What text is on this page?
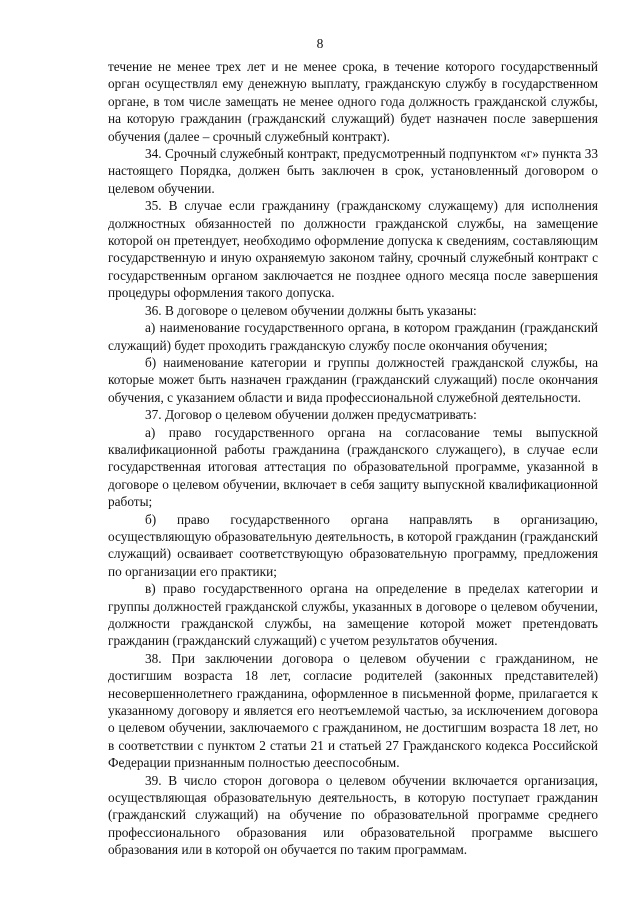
8

течение не менее трех лет и не менее срока, в течение которого государственный орган осуществлял ему денежную выплату, гражданскую службу в государственном органе, в том числе замещать не менее одного года должность гражданской службы, на которую гражданин (гражданский служащий) будет назначен после завершения обучения (далее – срочный служебный контракт).

34. Срочный служебный контракт, предусмотренный подпунктом «г» пункта 33 настоящего Порядка, должен быть заключен в срок, установленный договором о целевом обучении.

35. В случае если гражданину (гражданскому служащему) для исполнения должностных обязанностей по должности гражданской службы, на замещение которой он претендует, необходимо оформление допуска к сведениям, составляющим государственную и иную охраняемую законом тайну, срочный служебный контракт с государственным органом заключается не позднее одного месяца после завершения процедуры оформления такого допуска.

36. В договоре о целевом обучении должны быть указаны:

а) наименование государственного органа, в котором гражданин (гражданский служащий) будет проходить гражданскую службу после окончания обучения;

б) наименование категории и группы должностей гражданской службы, на которые может быть назначен гражданин (гражданский служащий) после окончания обучения, с указанием области и вида профессиональной служебной деятельности.

37. Договор о целевом обучении должен предусматривать:

а) право государственного органа на согласование темы выпускной квалификационной работы гражданина (гражданского служащего), в случае если государственная итоговая аттестация по образовательной программе, указанной в договоре о целевом обучении, включает в себя защиту выпускной квалификационной работы;

б) право государственного органа направлять в организацию, осуществляющую образовательную деятельность, в которой гражданин (гражданский служащий) осваивает соответствующую образовательную программу, предложения по организации его практики;

в) право государственного органа на определение в пределах категории и группы должностей гражданской службы, указанных в договоре о целевом обучении, должности гражданской службы, на замещение которой может претендовать гражданин (гражданский служащий) с учетом результатов обучения.

38. При заключении договора о целевом обучении с гражданином, не достигшим возраста 18 лет, согласие родителей (законных представителей) несовершеннолетнего гражданина, оформленное в письменной форме, прилагается к указанному договору и является его неотъемлемой частью, за исключением договора о целевом обучении, заключаемого с гражданином, не достигшим возраста 18 лет, но в соответствии с пунктом 2 статьи 21 и статьей 27 Гражданского кодекса Российской Федерации признанным полностью дееспособным.

39. В число сторон договора о целевом обучении включается организация, осуществляющая образовательную деятельность, в которую поступает гражданин (гражданский служащий) на обучение по образовательной программе среднего профессионального образования или образовательной программе высшего образования или в которой он обучается по таким программам.
